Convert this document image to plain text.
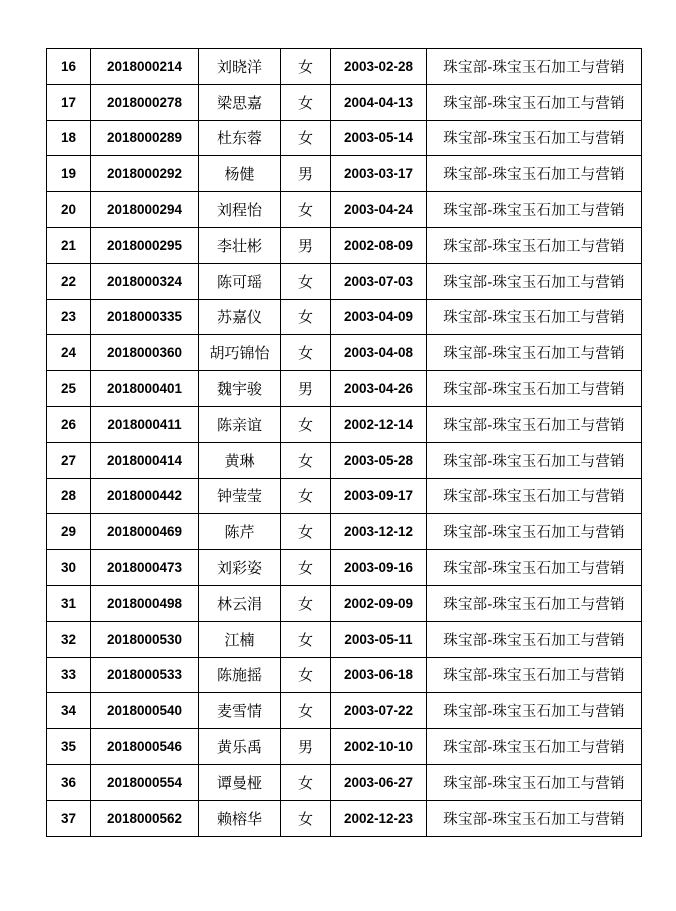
16	2018000214	刘晓洋	女	2003-02-28	珠宝部-珠宝玉石加工与营销
17	2018000278	梁思嘉	女	2004-04-13	珠宝部-珠宝玉石加工与营销
18	2018000289	杜东蓉	女	2003-05-14	珠宝部-珠宝玉石加工与营销
19	2018000292	杨健	男	2003-03-17	珠宝部-珠宝玉石加工与营销
20	2018000294	刘程怡	女	2003-04-24	珠宝部-珠宝玉石加工与营销
21	2018000295	李壮彬	男	2002-08-09	珠宝部-珠宝玉石加工与营销
22	2018000324	陈可瑶	女	2003-07-03	珠宝部-珠宝玉石加工与营销
23	2018000335	苏嘉仪	女	2003-04-09	珠宝部-珠宝玉石加工与营销
24	2018000360	胡巧锦怡	女	2003-04-08	珠宝部-珠宝玉石加工与营销
25	2018000401	魏宇骏	男	2003-04-26	珠宝部-珠宝玉石加工与营销
26	2018000411	陈亲谊	女	2002-12-14	珠宝部-珠宝玉石加工与营销
27	2018000414	黄琳	女	2003-05-28	珠宝部-珠宝玉石加工与营销
28	2018000442	钟莹莹	女	2003-09-17	珠宝部-珠宝玉石加工与营销
29	2018000469	陈芹	女	2003-12-12	珠宝部-珠宝玉石加工与营销
30	2018000473	刘彩姿	女	2003-09-16	珠宝部-珠宝玉石加工与营销
31	2018000498	林云涓	女	2002-09-09	珠宝部-珠宝玉石加工与营销
32	2018000530	江楠	女	2003-05-11	珠宝部-珠宝玉石加工与营销
33	2018000533	陈施摇	女	2003-06-18	珠宝部-珠宝玉石加工与营销
34	2018000540	麦雪情	女	2003-07-22	珠宝部-珠宝玉石加工与营销
35	2018000546	黄乐禹	男	2002-10-10	珠宝部-珠宝玉石加工与营销
36	2018000554	谭曼桠	女	2003-06-27	珠宝部-珠宝玉石加工与营销
37	2018000562	赖榕华	女	2002-12-23	珠宝部-珠宝玉石加工与营销
